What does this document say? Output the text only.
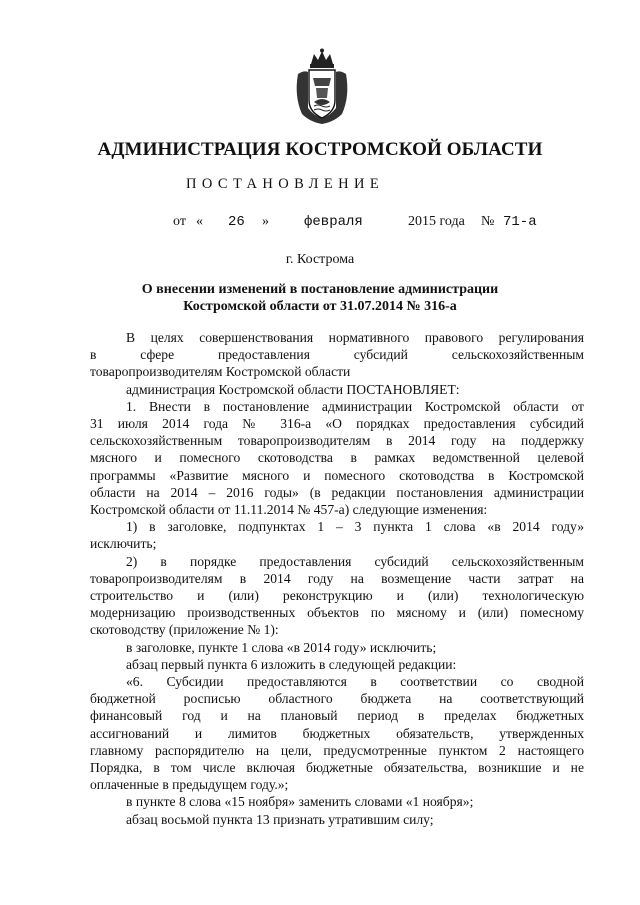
АДМИНИСТРАЦИЯ КОСТРОМСКОЙ ОБЛАСТИ
ПОСТАНОВЛЕНИЕ
от « 26 »	февраля	2015 года № 71-а
г. Кострома
О внесении изменений в постановление администрации
Костромской области от 31.07.2014 № 316-а

В целях совершенствования нормативного правового регулирования

в сфере предоставления субсидий сельскохозяйственным

товаропроизводителям Костромской области

администрация Костромской области ПОСТАНОВЛЯЕТ:

1. Внести в постановление администрации Костромской области от

31 июля 2014 года № 316-а «О порядках предоставления субсидий

сельскохозяйственным товаропроизводителям в 2014 году на поддержку

мясного и помесного скотоводства в рамках ведомственной целевой

программы «Развитие мясного и помесного скотоводства в Костромской

области на 2014 – 2016 годы» (в редакции постановления администрации

Костромской области от 11.11.2014 № 457-а) следующие изменения:

1) в заголовке, подпунктах 1 – 3 пункта 1 слова «в 2014 году»

исключить;

2) в порядке предоставления субсидий сельскохозяйственным

товаропроизводителям в 2014 году на возмещение части затрат на

строительство и (или) реконструкцию и (или) технологическую

модернизацию производственных объектов по мясному и (или) помесному

скотоводству (приложение № 1):

в заголовке, пункте 1 слова «в 2014 году» исключить;

абзац первый пункта 6 изложить в следующей редакции:

«6. Субсидии предоставляются в соответствии со сводной

бюджетной росписью областного бюджета на соответствующий

финансовый год и на плановый период в пределах бюджетных

ассигнований и лимитов бюджетных обязательств, утвержденных

главному распорядителю на цели, предусмотренные пунктом 2 настоящего

Порядка, в том числе включая бюджетные обязательства, возникшие и не

оплаченные в предыдущем году.»;

в пункте 8 слова «15 ноября» заменить словами «1 ноября»;

абзац восьмой пункта 13 признать утратившим силу;
